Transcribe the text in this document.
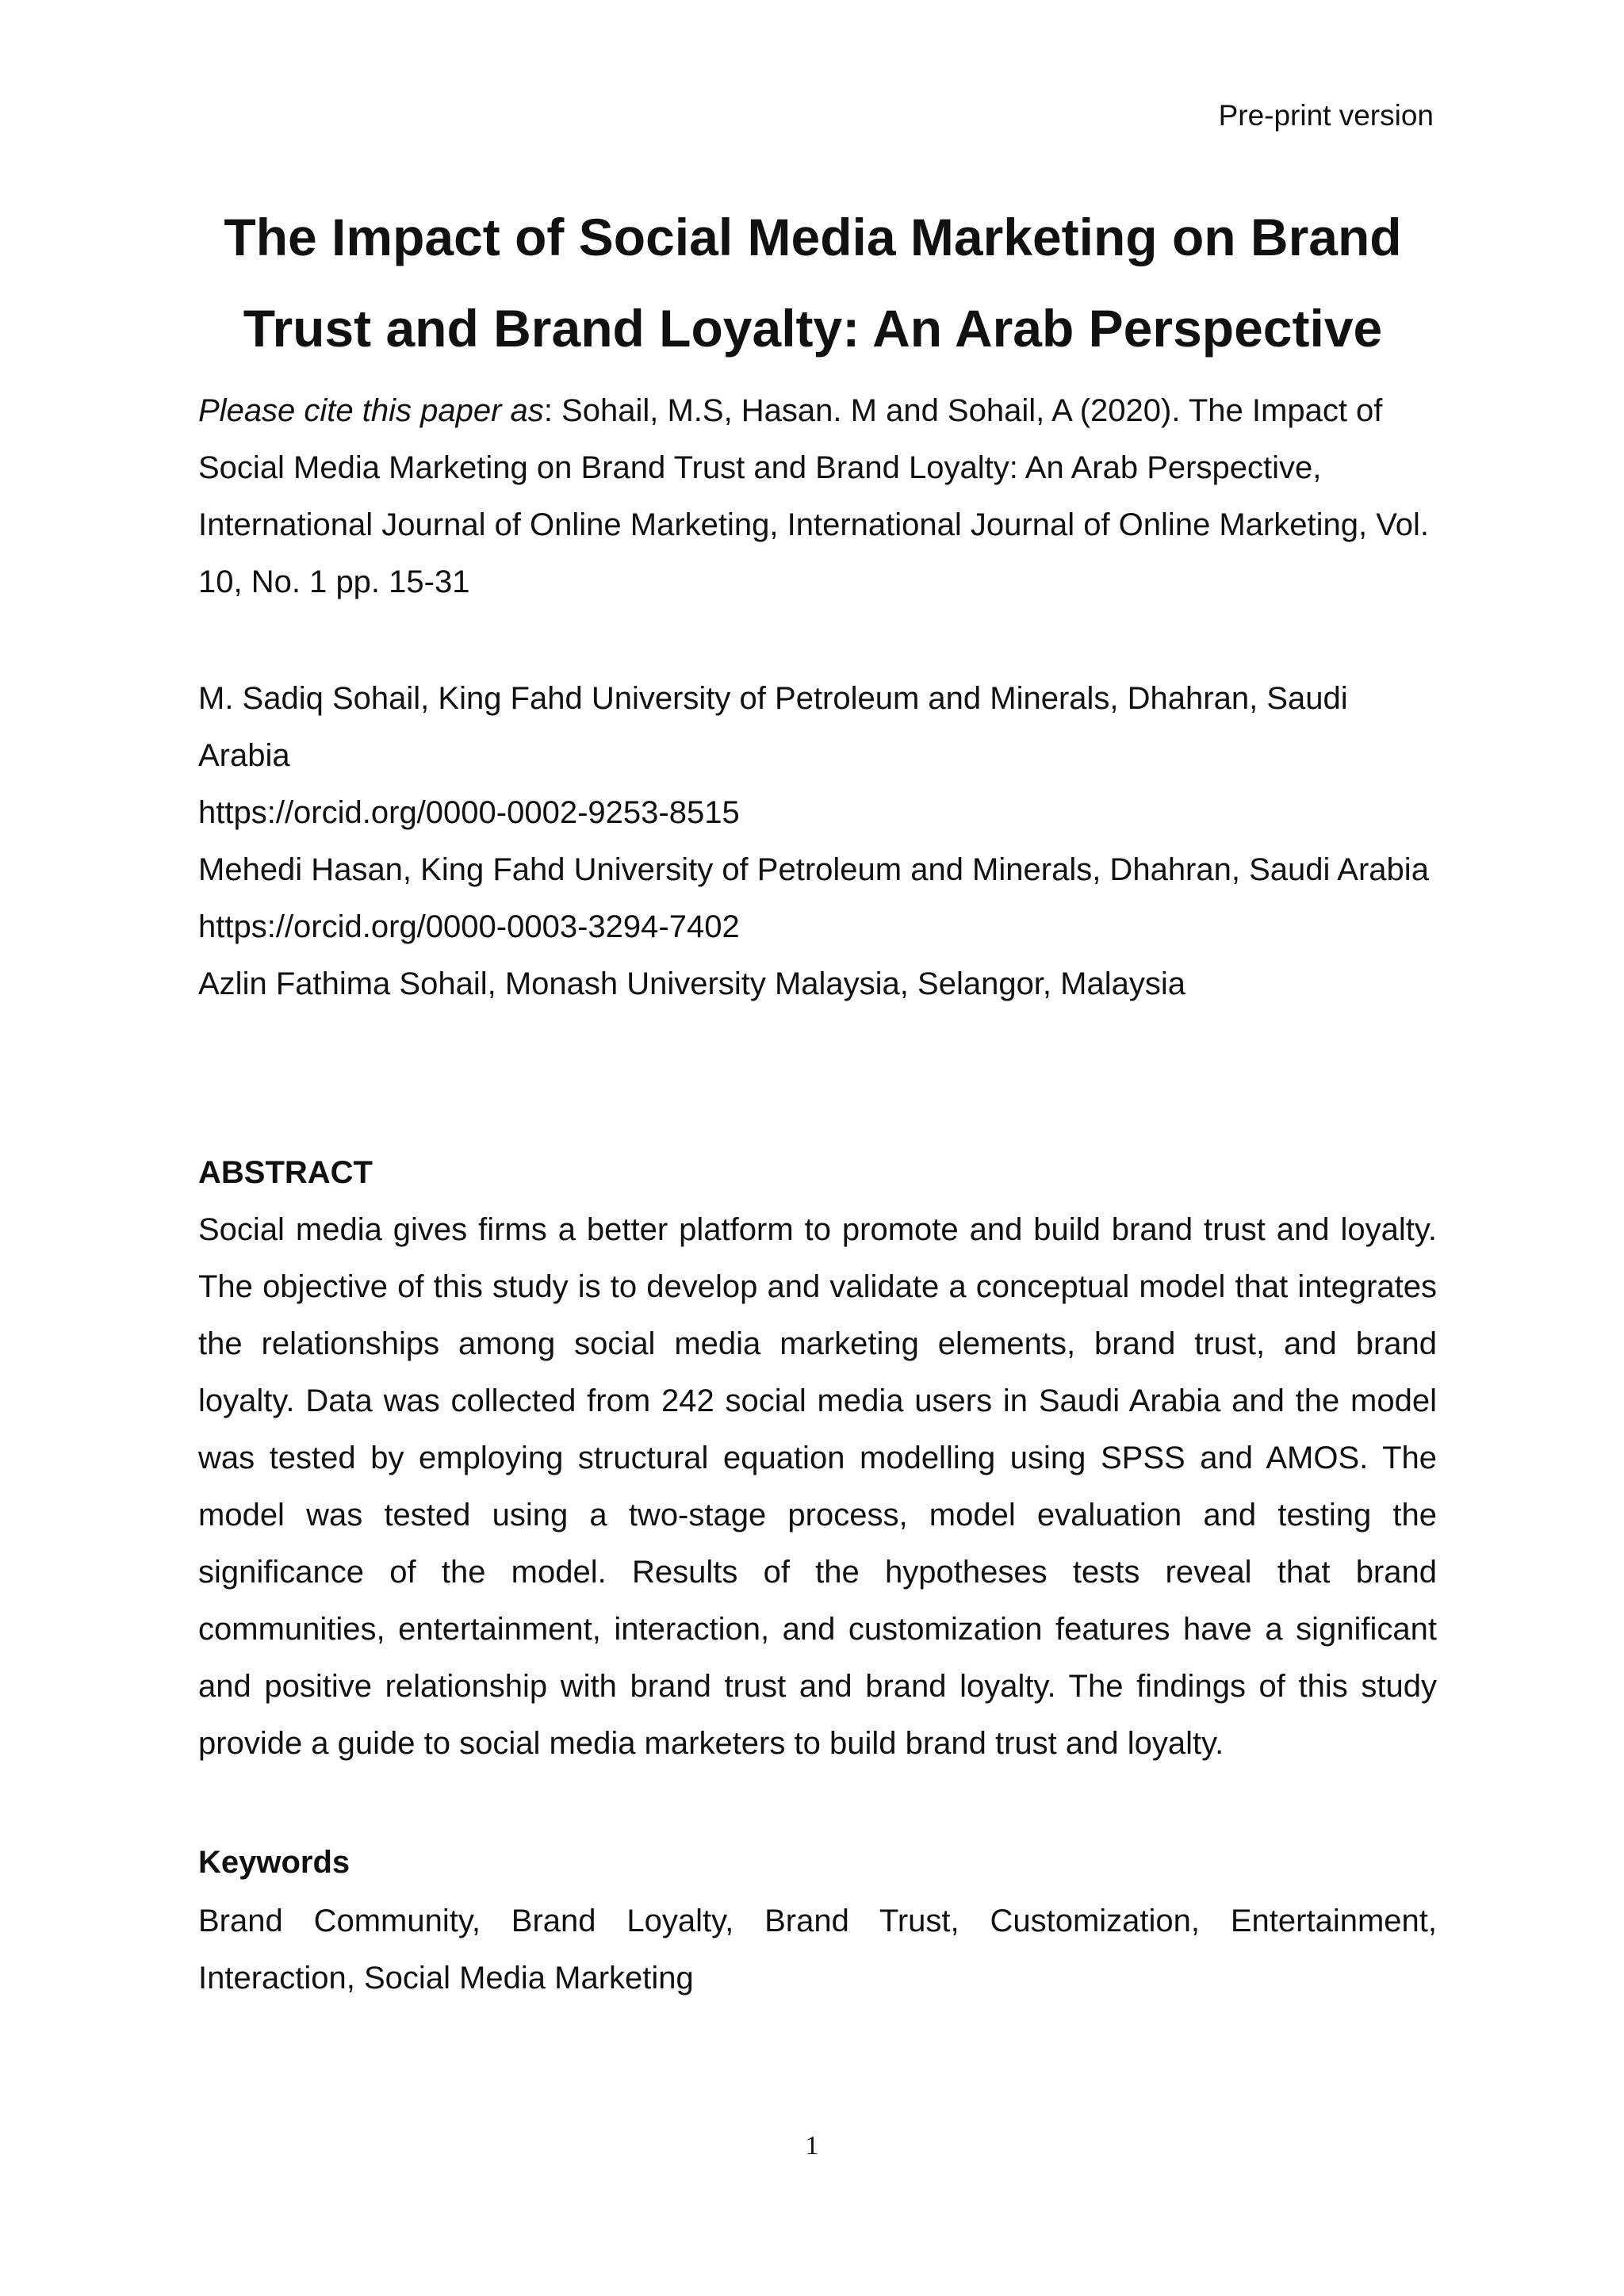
Pre-print version
The Impact of Social Media Marketing on Brand Trust and Brand Loyalty: An Arab Perspective
Please cite this paper as: Sohail, M.S, Hasan. M and Sohail, A (2020). The Impact of Social Media Marketing on Brand Trust and Brand Loyalty: An Arab Perspective, International Journal of Online Marketing, International Journal of Online Marketing, Vol. 10, No. 1 pp. 15-31
M. Sadiq Sohail, King Fahd University of Petroleum and Minerals, Dhahran, Saudi Arabia
https://orcid.org/0000-0002-9253-8515
Mehedi Hasan, King Fahd University of Petroleum and Minerals, Dhahran, Saudi Arabia
https://orcid.org/0000-0003-3294-7402
Azlin Fathima Sohail, Monash University Malaysia, Selangor, Malaysia
ABSTRACT
Social media gives firms a better platform to promote and build brand trust and loyalty. The objective of this study is to develop and validate a conceptual model that integrates the relationships among social media marketing elements, brand trust, and brand loyalty. Data was collected from 242 social media users in Saudi Arabia and the model was tested by employing structural equation modelling using SPSS and AMOS. The model was tested using a two-stage process, model evaluation and testing the significance of the model. Results of the hypotheses tests reveal that brand communities, entertainment, interaction, and customization features have a significant and positive relationship with brand trust and brand loyalty. The findings of this study provide a guide to social media marketers to build brand trust and loyalty.
Keywords
Brand Community, Brand Loyalty, Brand Trust, Customization, Entertainment, Interaction, Social Media Marketing
1
